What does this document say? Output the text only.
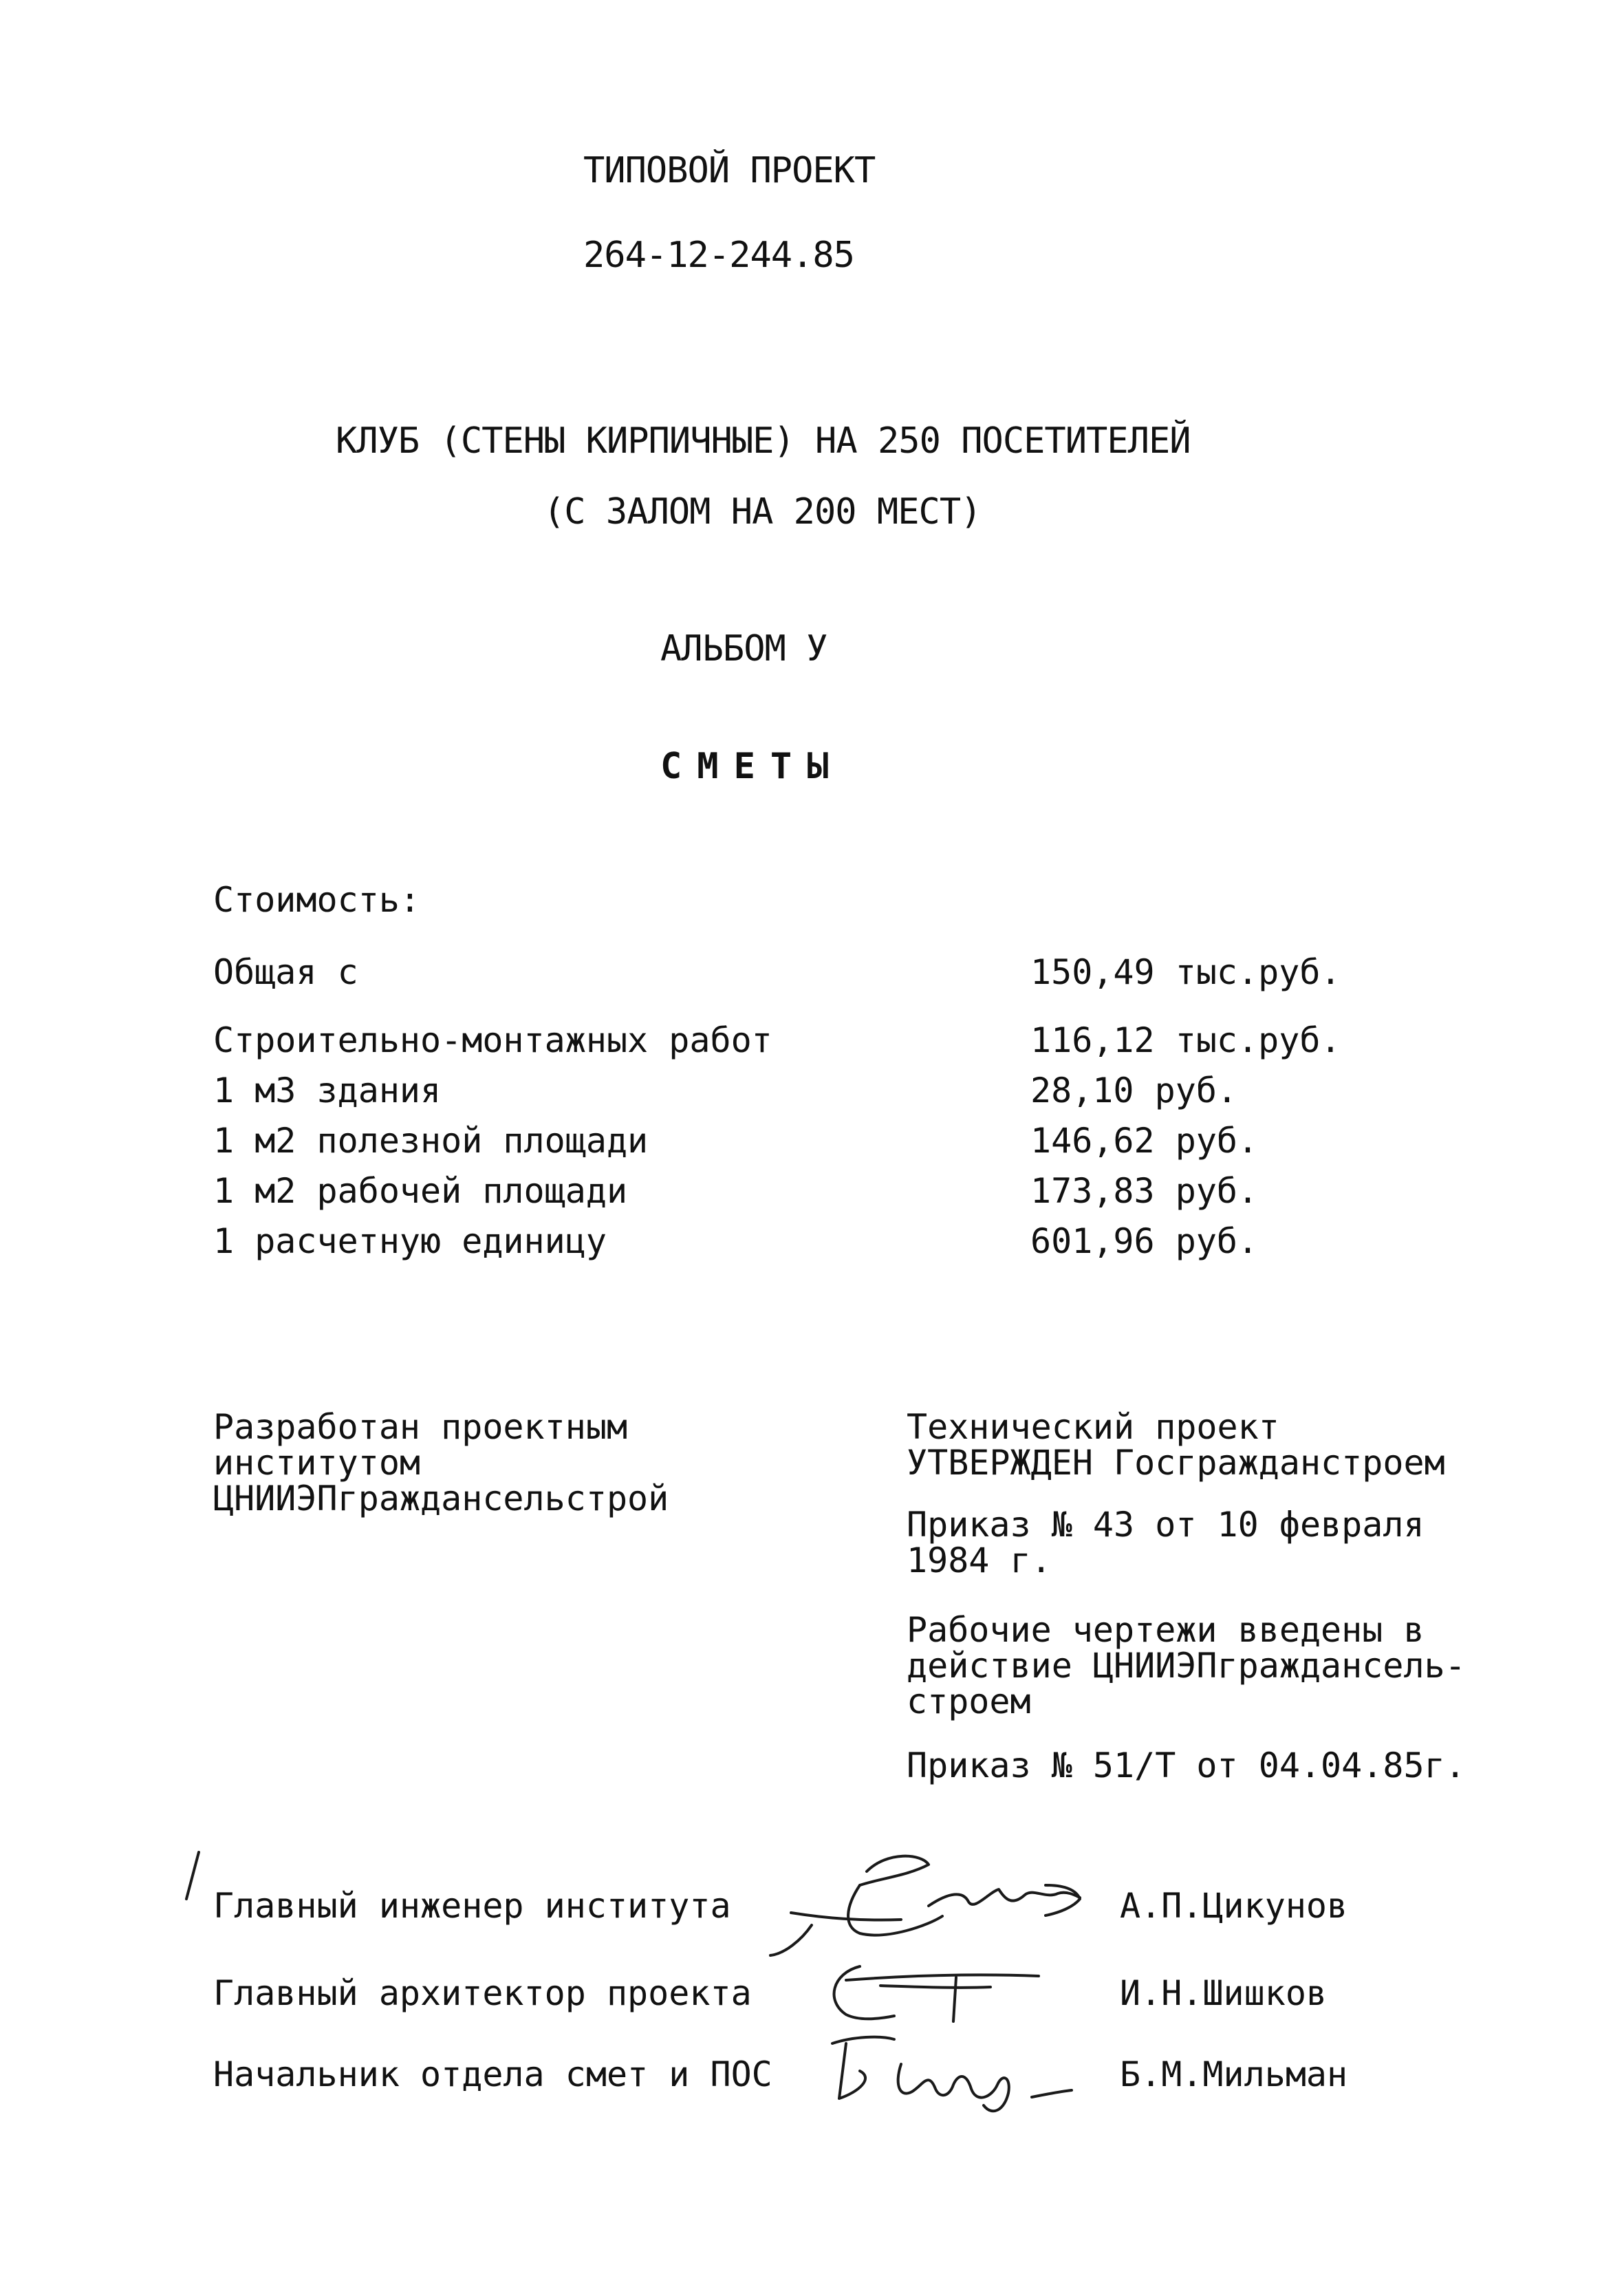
ТИПОВОЙ ПРОЕКТ
264-12-244.85
КЛУБ (СТЕНЫ КИРПИЧНЫЕ) НА 250 ПОСЕТИТЕЛЕЙ
(С ЗАЛОМ НА 200 МЕСТ)
АЛЬБОМ У
СМЕТЫ
Стоимость:
Общая с	150,49 тыс.руб.
Строительно-монтажных работ	116,12 тыс.руб.
1 м3 здания	28,10 руб.
1 м2 полезной площади	146,62 руб.
1 м2 рабочей площади	173,83 руб.
1 расчетную единицу	601,96 руб.
Разработан проектным
институтом
ЦНИИЭПграждансельстрой
Технический проект
УТВЕРЖДЕН Госгражданстроем
Приказ № 43 от 10 февраля
1984 г.
Рабочие чертежи введены в
действие ЦНИИЭПграждансель-
строем
Приказ № 51/Т от 04.04.85г.
Главный инженер института	А.П.Цикунов
Главный архитектор проекта	И.Н.Шишков
Начальник отдела смет и ПОС	Б.М.Мильман
